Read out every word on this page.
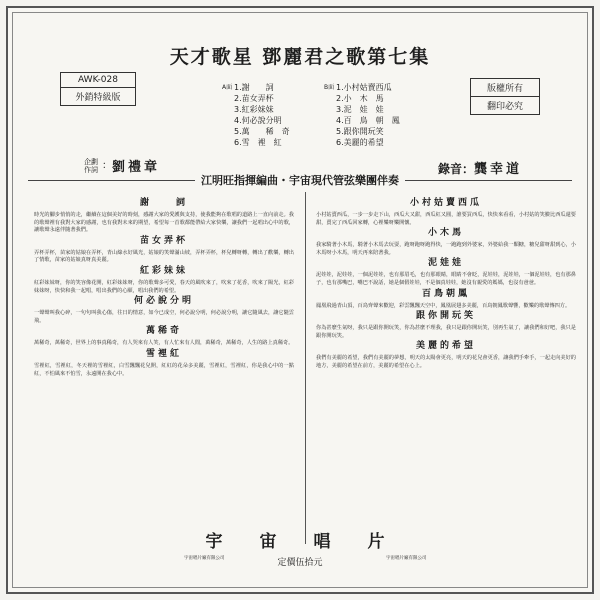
天才歌星 鄧麗君之歌第七集
AWK-028
外銷特級版
版權所有
翻印必究
A面 1.謝　　詞
2.苗女弄杯
3.紅彩妹妹
4.何必說分明
5.萬　　稀　奇
6.雪　裡　紅
B面 1.小村姑賣西瓜
2.小　木　馬
3.泥　娃　娃
4.百　鳥　朝　鳳
5.跟你開玩笑
6.美麗的希望
企劃
作詞 ：劉禮章	錄音：龔幸道
江明旺指揮編曲・宇宙現代管弦樂團伴奏
謝　　詞
時光的腳步悄悄的走，繼續在這個美好的時刻，感謝大家的愛護與支持，使我能夠在歌唱的道路上一直向前走。我的歌聲裡有我對大家的感謝，也有我對未來的期望，希望每一首歌都能帶給大家快樂，讓我們一起唱出心中的歌，讓歌聲永遠伴隨著我們。
苗女弄杯
弄杯弄杯，苗家的姑娘在弄杯，青山綠水好風光，姑娘的笑聲滿山坡，弄杯弄杯，杯兒轉呀轉，轉出了歡樂，轉出了情歌，苗家的姑娘真呀真美麗。
紅彩妹妹
紅彩妹妹呀，你的笑容像花開，紅彩妹妹呀，你的歌聲多可愛，春天的風吹來了，吹來了花香，吹來了陽光，紅彩妹妹呀，快快和我一起唱，唱出我們的心願，唱出我們的希望。
何必說分明
一聲聲叫我心碎，一句句叫我心傷，往日的情意，如今已成空，何必說分明，何必說分明，讓它隨風去，讓它隨雲飛。
萬稀奇
萬稀奇，萬稀奇，世界上的事真稀奇，有人哭來有人笑，有人忙來有人閒，萬稀奇，萬稀奇，人生的路上真稀奇。
雪裡紅
雪裡紅，雪裡紅，冬天裡的雪裡紅，白雪飄飄花兒開，紅紅的花朵多美麗，雪裡紅，雪裡紅，你是我心中的一點紅，不怕風來不怕雪，永遠開在我心中。
小村姑賣西瓜
小村姑賣西瓜，一步一步走下山，西瓜大又甜，西瓜紅又圓，誰要買西瓜，快快來看看，小村姑的笑臉比西瓜還要甜，賣完了西瓜回家轉，心裡樂呀樂開懷。
小木馬
我家騎著小木馬，騎著小木馬去玩耍，跑呀跑呀跑得快，一跑跑到外婆家，外婆給我一顆糖，糖兒甜呀甜到心，小木馬呀小木馬，明天再來陪著我。
泥娃娃
泥娃娃，泥娃娃，一個泥娃娃，也有那眉毛，也有那眼睛，眼睛不會眨，泥娃娃，泥娃娃，一個泥娃娃，也有那鼻子，也有那嘴巴，嘴巴不說話，她是個假娃娃，不是個真娃娃，她沒有親愛的媽媽，也沒有爸爸。
百鳥朝鳳
鳳凰飛過青山頂，百鳥齊聲來歡迎，彩雲飄飄天空中，鳳凰展翅多美麗，百鳥朝鳳歌聲響，歡樂的歌聲傳四方。
跟你開玩笑
你為甚麼生氣呀，我只是跟你開玩笑，你為甚麼不理我，我只是跟你開玩笑，別再生氣了，讓我們和好吧，我只是跟你開玩笑。
美麗的希望
我們有美麗的希望，我們有美麗的夢想，明天的太陽會更亮，明天的花兒會更香，讓我們手牽手，一起走向美好的地方，美麗的希望在前方，美麗的希望在心上。
宇宙唱片廠有限公司	宇宙唱片廠有限公司
宇　宙　唱　片
定價伍拾元
